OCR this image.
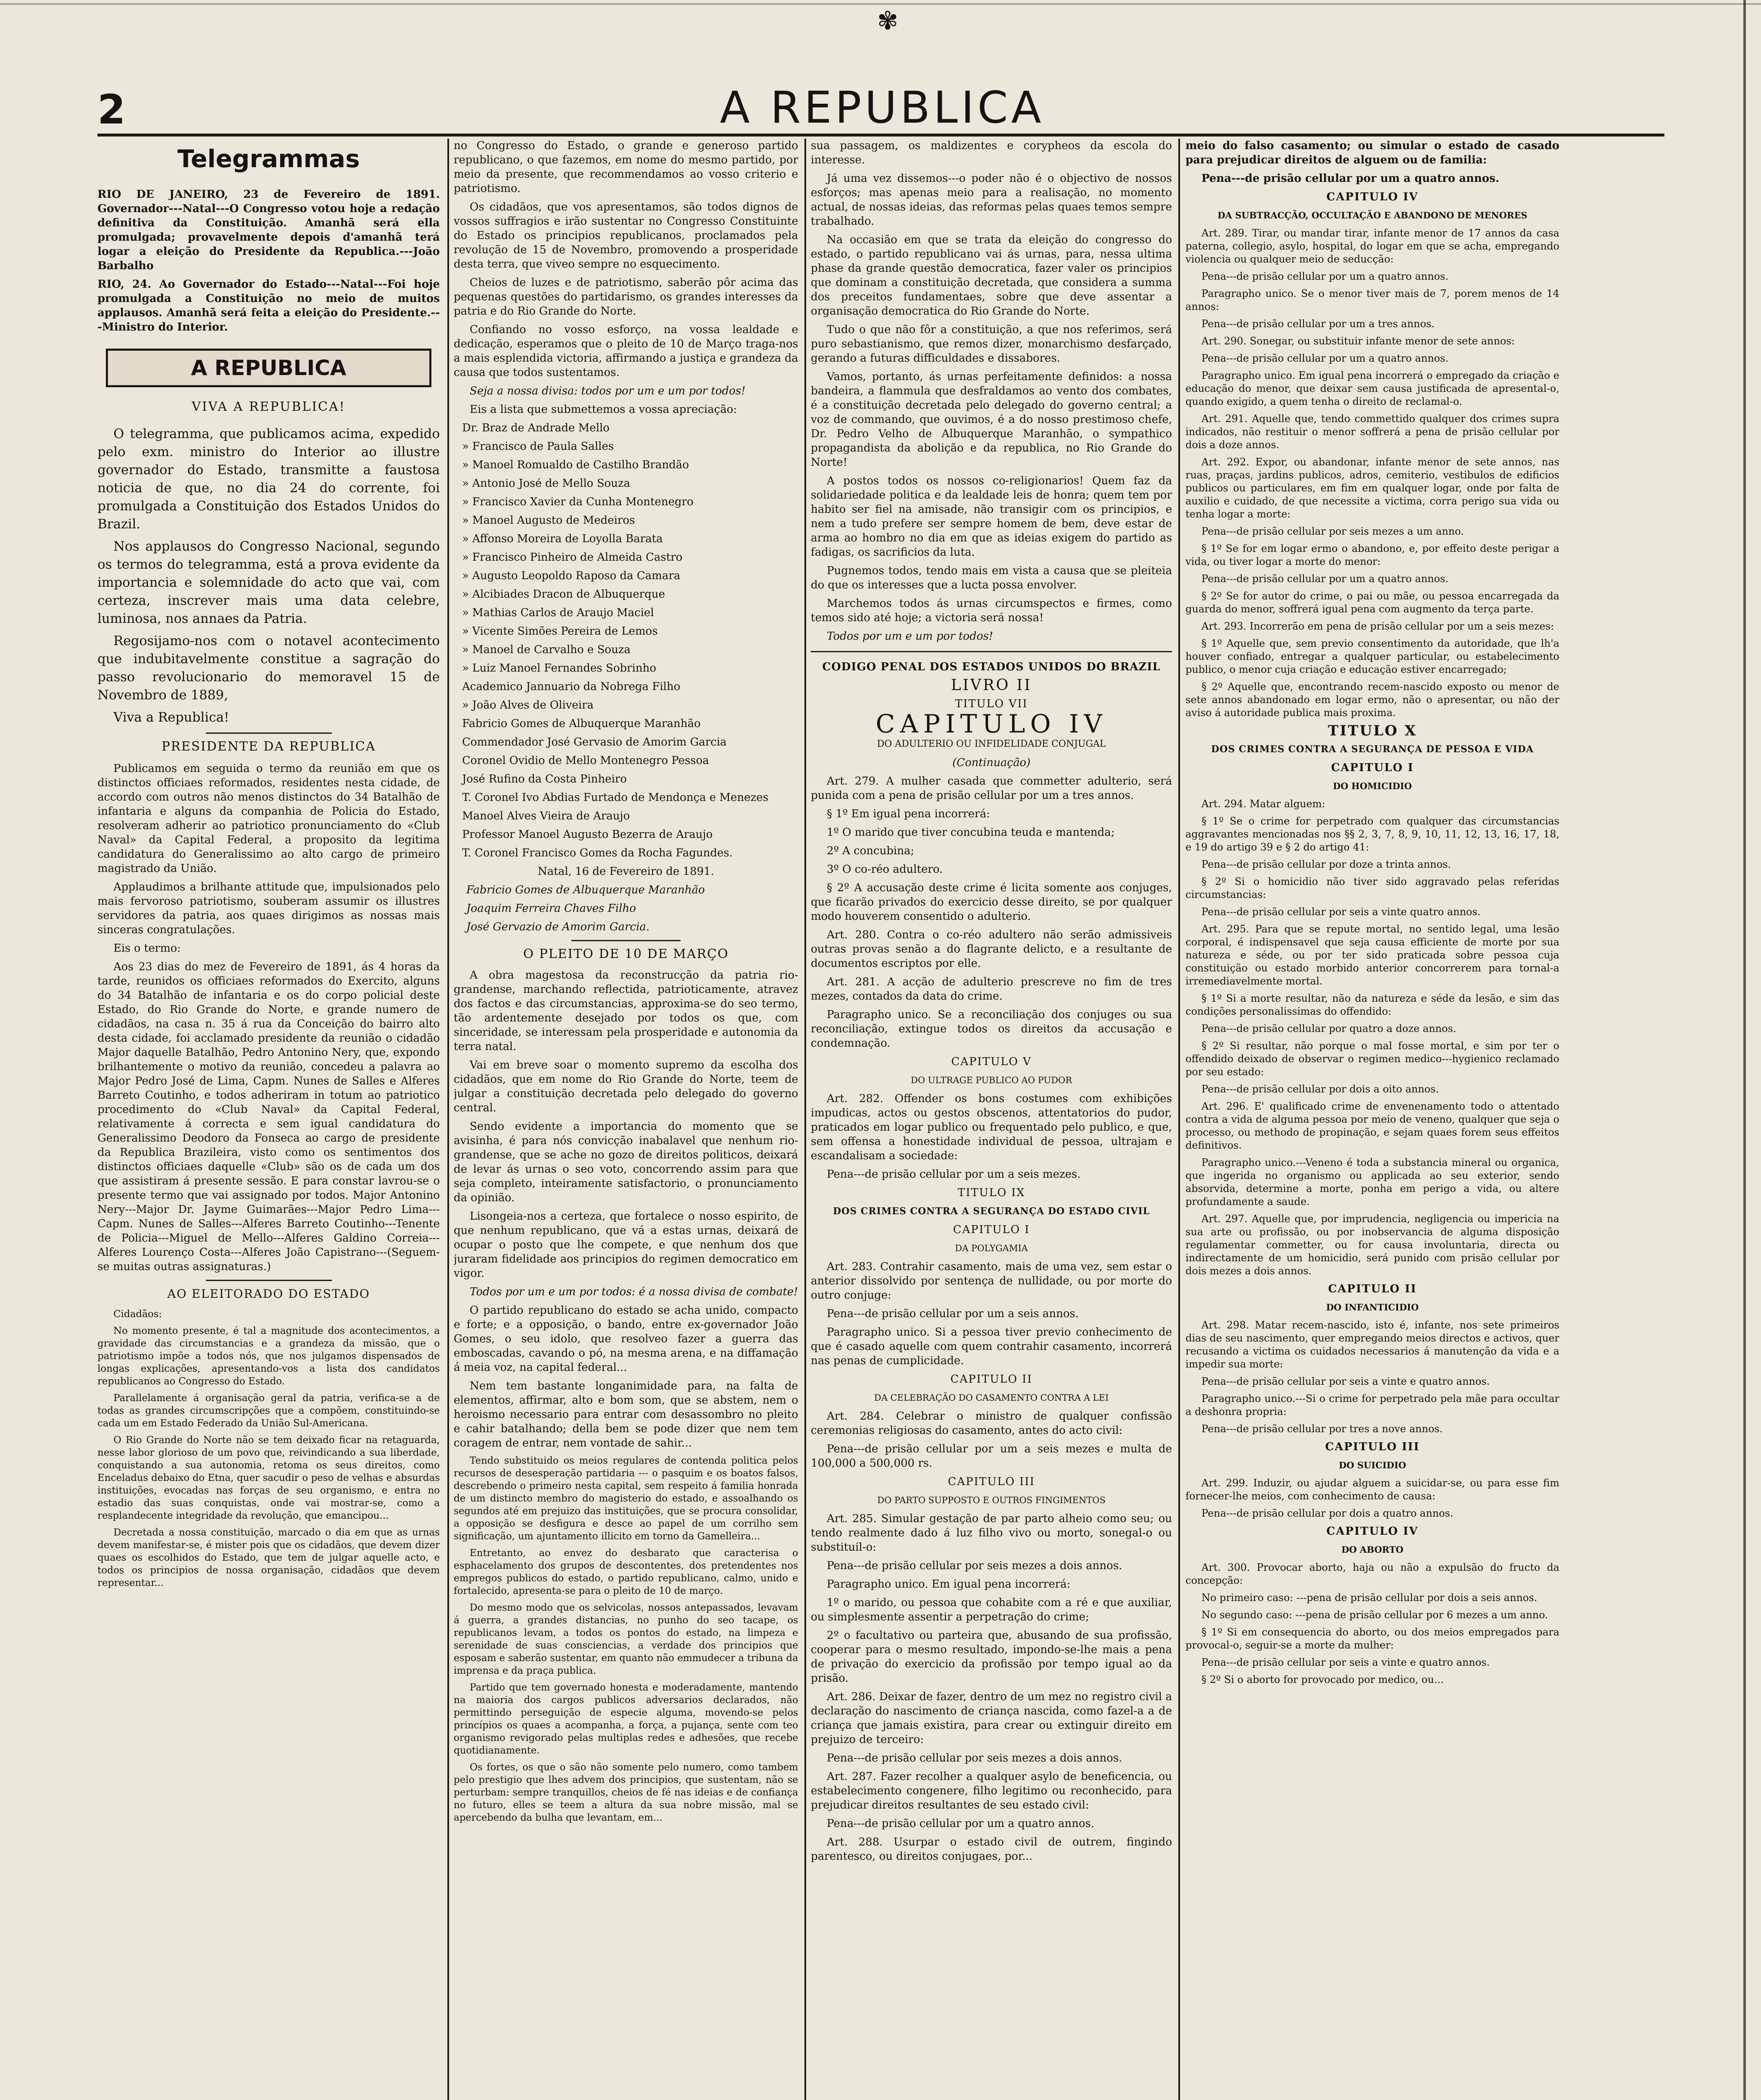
✾
2	A REPUBLICA
Telegrammas

RIO DE JANEIRO, 23 de Fevereiro de 1891. Governador---Natal---O Congresso votou hoje a redação definitiva da Constituição. Amanhã será ella promulgada; provavelmente depois d'amanhã terá logar a eleição do Presidente da Republica.---João Barbalho

RIO, 24. Ao Governador do Estado---Natal---Foi hoje promulgada a Constituição no meio de muitos applausos. Amanhã será feita a eleição do Presidente.---Ministro do Interior.

A REPUBLICA

VIVA A REPUBLICA!

O telegramma, que publicamos acima, expedido pelo exm. ministro do Interior ao illustre governador do Estado, transmitte a faustosa noticia de que, no dia 24 do corrente, foi promulgada a Constituição dos Estados Unidos do Brazil.

Nos applausos do Congresso Nacional, segundo os termos do telegramma, está a prova evidente da importancia e solemnidade do acto que vai, com certeza, inscrever mais uma data celebre, luminosa, nos annaes da Patria.

Regosijamo-nos com o notavel acontecimento que indubitavelmente constitue a sagração do passo revolucionario do memoravel 15 de Novembro de 1889,

Viva a Republica!

PRESIDENTE DA REPUBLICA

Publicamos em seguida o termo da reunião em que os distinctos officiaes reformados, residentes nesta cidade, de accordo com outros não menos distinctos do 34 Batalhão de infantaria e alguns da companhia de Policia do Estado, resolveram adherir ao patriotico pronunciamento do «Club Naval» da Capital Federal, a proposito da legitima candidatura do Generalissimo ao alto cargo de primeiro magistrado da União.

Applaudimos a brilhante attitude que, impulsionados pelo mais fervoroso patriotismo, souberam assumir os illustres servidores da patria, aos quaes dirigimos as nossas mais sinceras congratulações.

Eis o termo:

Aos 23 dias do mez de Fevereiro de 1891, ás 4 horas da tarde, reunidos os officiaes reformados do Exercito, alguns do 34 Batalhão de infantaria e os do corpo policial deste Estado, do Rio Grande do Norte, e grande numero de cidadãos, na casa n. 35 á rua da Conceição do bairro alto desta cidade, foi acclamado presidente da reunião o cidadão Major daquelle Batalhão, Pedro Antonino Nery, que, expondo brilhantemente o motivo da reunião, concedeu a palavra ao Major Pedro José de Lima, Capm. Nunes de Salles e Alferes Barreto Coutinho, e todos adheriram in totum ao patriotico procedimento do «Club Naval» da Capital Federal, relativamente á correcta e sem igual candidatura do Generalissimo Deodoro da Fonseca ao cargo de presidente da Republica Brazileira, visto como os sentimentos dos distinctos officiaes daquelle «Club» são os de cada um dos que assistiram á presente sessão. E para constar lavrou-se o presente termo que vai assignado por todos. Major Antonino Nery---Major Dr. Jayme Guimarães---Major Pedro Lima---Capm. Nunes de Salles---Alferes Barreto Coutinho---Tenente de Policia---Miguel de Mello---Alferes Galdino Correia---Alferes Lourenço Costa---Alferes João Capistrano---(Seguem-se muitas outras assignaturas.)

AO ELEITORADO DO ESTADO

Cidadãos:

No momento presente, é tal a magnitude dos acontecimentos, a gravidade das circumstancias e a grandeza da missão, que o patriotismo impõe a todos nós, que nos julgamos dispensados de longas explicações, apresentando-vos a lista dos candidatos republicanos ao Congresso do Estado.

Parallelamente á organisação geral da patria, verifica-se a de todas as grandes circumscripções que a compõem, constituindo-se cada um em Estado Federado da União Sul-Americana.

O Rio Grande do Norte não se tem deixado ficar na retaguarda, nesse labor glorioso de um povo que, reivindicando a sua liberdade, conquistando a sua autonomia, retoma os seus direitos, como Enceladus debaixo do Etna, quer sacudir o peso de velhas e absurdas instituições, evocadas nas forças de seu organismo, e entra no estadio das suas conquistas, onde vai mostrar-se, como a resplandecente integridade da revolução, que emancipou...

Decretada a nossa constituição, marcado o dia em que as urnas devem manifestar-se, é mister pois que os cidadãos, que devem dizer quaes os escolhidos do Estado, que tem de julgar aquelle acto, e todos os principios de nossa organisação, cidadãos que devem representar...

no Congresso do Estado, o grande e generoso partido republicano, o que fazemos, em nome do mesmo partido, por meio da presente, que recommendamos ao vosso criterio e patriotismo.

Os cidadãos, que vos apresentamos, são todos dignos de vossos suffragios e irão sustentar no Congresso Constituinte do Estado os principios republicanos, proclamados pela revolução de 15 de Novembro, promovendo a prosperidade desta terra, que viveo sempre no esquecimento.

Cheios de luzes e de patriotismo, saberão pôr acima das pequenas questões do partidarismo, os grandes interesses da patria e do Rio Grande do Norte.

Confiando no vosso esforço, na vossa lealdade e dedicação, esperamos que o pleito de 10 de Março traga-nos a mais esplendida victoria, affirmando a justiça e grandeza da causa que todos sustentamos.

Seja a nossa divisa: todos por um e um por todos!

Eis a lista que submettemos a vossa apreciação:

Dr. Braz de Andrade Mello

» Francisco de Paula Salles

» Manoel Romualdo de Castilho Brandão

» Antonio José de Mello Souza

» Francisco Xavier da Cunha Montenegro

» Manoel Augusto de Medeiros

» Affonso Moreira de Loyolla Barata

» Francisco Pinheiro de Almeida Castro

» Augusto Leopoldo Raposo da Camara

» Alcibiades Dracon de Albuquerque

» Mathias Carlos de Araujo Maciel

» Vicente Simões Pereira de Lemos

» Manoel de Carvalho e Souza

» Luiz Manoel Fernandes Sobrinho

Academico Jannuario da Nobrega Filho

» João Alves de Oliveira

Fabricio Gomes de Albuquerque Maranhão

Commendador José Gervasio de Amorim Garcia

Coronel Ovidio de Mello Montenegro Pessoa

José Rufino da Costa Pinheiro

T. Coronel Ivo Abdias Furtado de Mendonça e Menezes

Manoel Alves Vieira de Araujo

Professor Manoel Augusto Bezerra de Araujo

T. Coronel Francisco Gomes da Rocha Fagundes.

Natal, 16 de Fevereiro de 1891.

Fabricio Gomes de Albuquerque Maranhão

Joaquim Ferreira Chaves Filho

José Gervazio de Amorim Garcia.

O PLEITO DE 10 DE MARÇO

A obra magestosa da reconstrucção da patria rio-grandense, marchando reflectida, patrioticamente, atravez dos factos e das circumstancias, approxima-se do seo termo, tão ardentemente desejado por todos os que, com sinceridade, se interessam pela prosperidade e autonomia da terra natal.

Vai em breve soar o momento supremo da escolha dos cidadãos, que em nome do Rio Grande do Norte, teem de julgar a constituição decretada pelo delegado do governo central.

Sendo evidente a importancia do momento que se avisinha, é para nós convicção inabalavel que nenhum rio-grandense, que se ache no gozo de direitos politicos, deixará de levar ás urnas o seo voto, concorrendo assim para que seja completo, inteiramente satisfactorio, o pronunciamento da opinião.

Lisongeia-nos a certeza, que fortalece o nosso espirito, de que nenhum republicano, que vá a estas urnas, deixará de ocupar o posto que lhe compete, e que nenhum dos que juraram fidelidade aos principios do regimen democratico em vigor.

Todos por um e um por todos: é a nossa divisa de combate!

O partido republicano do estado se acha unido, compacto e forte; e a opposição, o bando, entre ex-governador João Gomes, o seu idolo, que resolveo fazer a guerra das emboscadas, cavando o pó, na mesma arena, e na diffamação á meia voz, na capital federal...

Nem tem bastante longanimidade para, na falta de elementos, affirmar, alto e bom som, que se abstem, nem o heroismo necessario para entrar com desassombro no pleito e cahir batalhando; della bem se pode dizer que nem tem coragem de entrar, nem vontade de sahir...

Tendo substituido os meios regulares de contenda politica pelos recursos de desesperação partidaria --- o pasquim e os boatos falsos, descrebendo o primeiro nesta capital, sem respeito á familia honrada de um distincto membro do magisterio do estado, e assoalhando os segundos até em prejuizo das instituições, que se procura consolidar, a opposição se desfigura e desce ao papel de um corrilho sem significação, um ajuntamento illicito em torno da Gamelleira...

Entretanto, ao envez do desbarato que caracterisa o esphacelamento dos grupos de descontentes, dos pretendentes nos empregos publicos do estado, o partido republicano, calmo, unido e fortalecido, apresenta-se para o pleito de 10 de março.

Do mesmo modo que os selvicolas, nossos antepassados, levavam á guerra, a grandes distancias, no punho do seo tacape, os republicanos levam, a todos os pontos do estado, na limpeza e serenidade de suas consciencias, a verdade dos principios que esposam e saberão sustentar, em quanto não emmudecer a tribuna da imprensa e da praça publica.

Partido que tem governado honesta e moderadamente, mantendo na maioria dos cargos publicos adversarios declarados, não permittindo perseguição de especie alguma, movendo-se pelos princípios os quaes a acompanha, a força, a pujança, sente com teo organismo revigorado pelas multiplas redes e adhesões, que recebe quotidianamente.

Os fortes, os que o são não somente pelo numero, como tambem pelo prestigio que lhes advem dos principios, que sustentam, não se perturbam: sempre tranquillos, cheios de fé nas ideias e de confiança no futuro, elles se teem a altura da sua nobre missão, mal se apercebendo da bulha que levantam, em...

sua passagem, os maldizentes e corypheos da escola do interesse.

Já uma vez dissemos---o poder não é o objectivo de nossos esforços; mas apenas meio para a realisação, no momento actual, de nossas ideias, das reformas pelas quaes temos sempre trabalhado.

Na occasião em que se trata da eleição do congresso do estado, o partido republicano vai ás urnas, para, nessa ultima phase da grande questão democratica, fazer valer os principios que dominam a constituição decretada, que considera a summa dos preceitos fundamentaes, sobre que deve assentar a organisação democratica do Rio Grande do Norte.

Tudo o que não fôr a constituição, a que nos referimos, será puro sebastianismo, que remos dizer, monarchismo desfarçado, gerando a futuras difficuldades e dissabores.

Vamos, portanto, ás urnas perfeitamente definidos: a nossa bandeira, a flammula que desfraldamos ao vento dos combates, é a constituição decretada pelo delegado do governo central; a voz de commando, que ouvimos, é a do nosso prestimoso chefe, Dr. Pedro Velho de Albuquerque Maranhão, o sympathico propagandista da abolição e da republica, no Rio Grande do Norte!

A postos todos os nossos co-religionarios! Quem faz da solidariedade politica e da lealdade leis de honra; quem tem por habito ser fiel na amisade, não transigir com os principios, e nem a tudo prefere ser sempre homem de bem, deve estar de arma ao hombro no dia em que as ideias exigem do partido as fadigas, os sacrificios da luta.

Pugnemos todos, tendo mais em vista a causa que se pleiteia do que os interesses que a lucta possa envolver.

Marchemos todos ás urnas circumspectos e firmes, como temos sido até hoje; a victoria será nossa!

Todos por um e um por todos!

CODIGO PENAL DOS ESTADOS UNIDOS DO BRAZIL

LIVRO II

TITULO VII

CAPITULO IV

DO ADULTERIO OU INFIDELIDADE CONJUGAL

(Continuação)

Art. 279. A mulher casada que commetter adulterio, será punida com a pena de prisão cellular por um a tres annos.

§ 1º Em igual pena incorrerá:

1º O marido que tiver concubina teuda e mantenda;

2º A concubina;

3º O co-réo adultero.

§ 2º A accusação deste crime é licita somente aos conjuges, que ficarão privados do exercicio desse direito, se por qualquer modo houverem consentido o adulterio.

Art. 280. Contra o co-réo adultero não serão admissiveis outras provas senão a do flagrante delicto, e a resultante de documentos escriptos por elle.

Art. 281. A acção de adulterio prescreve no fim de tres mezes, contados da data do crime.

Paragrapho unico. Se a reconciliação dos conjuges ou sua reconciliação, extingue todos os direitos da accusação e condemnação.

CAPITULO V

DO ULTRAGE PUBLICO AO PUDOR

Art. 282. Offender os bons costumes com exhibições impudicas, actos ou gestos obscenos, attentatorios do pudor, praticados em logar publico ou frequentado pelo publico, e que, sem offensa a honestidade individual de pessoa, ultrajam e escandalisam a sociedade:

Pena---de prisão cellular por um a seis mezes.

TITULO IX

DOS CRIMES CONTRA A SEGURANÇA DO ESTADO CIVIL

CAPITULO I

DA POLYGAMIA

Art. 283. Contrahir casamento, mais de uma vez, sem estar o anterior dissolvido por sentença de nullidade, ou por morte do outro conjuge:

Pena---de prisão cellular por um a seis annos.

Paragrapho unico. Si a pessoa tiver previo conhecimento de que é casado aquelle com quem contrahir casamento, incorrerá nas penas de cumplicidade.

CAPITULO II

DA CELEBRAÇÃO DO CASAMENTO CONTRA A LEI

Art. 284. Celebrar o ministro de qualquer confissão ceremonias religiosas do casamento, antes do acto civil:

Pena---de prisão cellular por um a seis mezes e multa de 100,000 a 500,000 rs.

CAPITULO III

DO PARTO SUPPOSTO E OUTROS FINGIMENTOS

Art. 285. Simular gestação de par parto alheio como seu; ou tendo realmente dado á luz filho vivo ou morto, sonegal-o ou substituil-o:

Pena---de prisão cellular por seis mezes a dois annos.

Paragrapho unico. Em igual pena incorrerá:

1º o marido, ou pessoa que cohabite com a ré e que auxiliar, ou simplesmente assentir a perpetração do crime;

2º o facultativo ou parteira que, abusando de sua profissão, cooperar para o mesmo resultado, impondo-se-lhe mais a pena de privação do exercicio da profissão por tempo igual ao da prisão.

Art. 286. Deixar de fazer, dentro de um mez no registro civil a declaração do nascimento de criança nascida, como fazel-a a de criança que jamais existira, para crear ou extinguir direito em prejuizo de terceiro:

Pena---de prisão cellular por seis mezes a dois annos.

Art. 287. Fazer recolher a qualquer asylo de beneficencia, ou estabelecimento congenere, filho legitimo ou reconhecido, para prejudicar direitos resultantes de seu estado civil:

Pena---de prisão cellular por um a quatro annos.

Art. 288. Usurpar o estado civil de outrem, fingindo parentesco, ou direitos conjugaes, por...

meio do falso casamento; ou simular o estado de casado para prejudicar direitos de alguem ou de familia:

Pena---de prisão cellular por um a quatro annos.

CAPITULO IV

DA SUBTRACÇÃO, OCCULTAÇÃO E ABANDONO DE MENORES

Art. 289. Tirar, ou mandar tirar, infante menor de 17 annos da casa paterna, collegio, asylo, hospital, do logar em que se acha, empregando violencia ou qualquer meio de seducção:

Pena---de prisão cellular por um a quatro annos.

Paragrapho unico. Se o menor tiver mais de 7, porem menos de 14 annos:

Pena---de prisão cellular por um a tres annos.

Art. 290. Sonegar, ou substituir infante menor de sete annos:

Pena---de prisão cellular por um a quatro annos.

Paragrapho unico. Em igual pena incorrerá o empregado da criação e educação do menor, que deixar sem causa justificada de apresental-o, quando exigido, a quem tenha o direito de reclamal-o.

Art. 291. Aquelle que, tendo commettido qualquer dos crimes supra indicados, não restituir o menor soffrerá a pena de prisão cellular por dois a doze annos.

Art. 292. Expor, ou abandonar, infante menor de sete annos, nas ruas, praças, jardins publicos, adros, cemiterio, vestibulos de edificios publicos ou particulares, em fim em qualquer logar, onde por falta de auxilio e cuidado, de que necessite a victima, corra perigo sua vida ou tenha logar a morte:

Pena---de prisão cellular por seis mezes a um anno.

§ 1º Se for em logar ermo o abandono, e, por effeito deste perigar a vida, ou tiver logar a morte do menor:

Pena---de prisão cellular por um a quatro annos.

§ 2º Se for autor do crime, o pai ou mãe, ou pessoa encarregada da guarda do menor, soffrerá igual pena com augmento da terça parte.

Art. 293. Incorrerão em pena de prisão cellular por um a seis mezes:

§ 1º Aquelle que, sem previo consentimento da autoridade, que lh'a houver confiado, entregar a qualquer particular, ou estabelecimento publico, o menor cuja criação e educação estiver encarregado;

§ 2º Aquelle que, encontrando recem-nascido exposto ou menor de sete annos abandonado em logar ermo, não o apresentar, ou não der aviso á autoridade publica mais proxima.

TITULO X

DOS CRIMES CONTRA A SEGURANÇA DE PESSOA E VIDA

CAPITULO I

DO HOMICIDIO

Art. 294. Matar alguem:

§ 1º Se o crime for perpetrado com qualquer das circumstancias aggravantes mencionadas nos §§ 2, 3, 7, 8, 9, 10, 11, 12, 13, 16, 17, 18, e 19 do artigo 39 e § 2 do artigo 41:

Pena---de prisão cellular por doze a trinta annos.

§ 2º Si o homicidio não tiver sido aggravado pelas referidas circumstancias:

Pena---de prisão cellular por seis a vinte quatro annos.

Art. 295. Para que se repute mortal, no sentido legal, uma lesão corporal, é indispensavel que seja causa efficiente de morte por sua natureza e séde, ou por ter sido praticada sobre pessoa cuja constituição ou estado morbido anterior concorrerem para tornal-a irremediavelmente mortal.

§ 1º Si a morte resultar, não da natureza e séde da lesão, e sim das condições personalissimas do offendido:

Pena---de prisão cellular por quatro a doze annos.

§ 2º Si resultar, não porque o mal fosse mortal, e sim por ter o offendido deixado de observar o regimen medico---hygienico reclamado por seu estado:

Pena---de prisão cellular por dois a oito annos.

Art. 296. E' qualificado crime de envenenamento todo o attentado contra a vida de alguma pessoa por meio de veneno, qualquer que seja o processo, ou methodo de propinação, e sejam quaes forem seus effeitos definitivos.

Paragrapho unico.---Veneno é toda a substancia mineral ou organica, que ingerida no organismo ou applicada ao seu exterior, sendo absorvida, determine a morte, ponha em perigo a vida, ou altere profundamente a saude.

Art. 297. Aquelle que, por imprudencia, negligencia ou impericia na sua arte ou profissão, ou por inobservancia de alguma disposição regulamentar commetter, ou for causa involuntaria, directa ou indirectamente de um homicidio, será punido com prisão cellular por dois mezes a dois annos.

CAPITULO II

DO INFANTICIDIO

Art. 298. Matar recem-nascido, isto é, infante, nos sete primeiros dias de seu nascimento, quer empregando meios directos e activos, quer recusando a victima os cuidados necessarios á manutenção da vida e a impedir sua morte:

Pena---de prisão cellular por seis a vinte e quatro annos.

Paragrapho unico.---Si o crime for perpetrado pela mãe para occultar a deshonra propria:

Pena---de prisão cellular por tres a nove annos.

CAPITULO III

DO SUICIDIO

Art. 299. Induzir, ou ajudar alguem a suicidar-se, ou para esse fim fornecer-lhe meios, com conhecimento de causa:

Pena---de prisão cellular por dois a quatro annos.

CAPITULO IV

DO ABORTO

Art. 300. Provocar aborto, haja ou não a expulsão do fructo da concepção:

No primeiro caso: ---pena de prisão cellular por dois a seis annos.

No segundo caso: ---pena de prisão cellular por 6 mezes a um anno.

§ 1º Si em consequencia do aborto, ou dos meios empregados para provocal-o, seguir-se a morte da mulher:

Pena---de prisão cellular por seis a vinte e quatro annos.

§ 2º Si o aborto for provocado por medico, ou...
